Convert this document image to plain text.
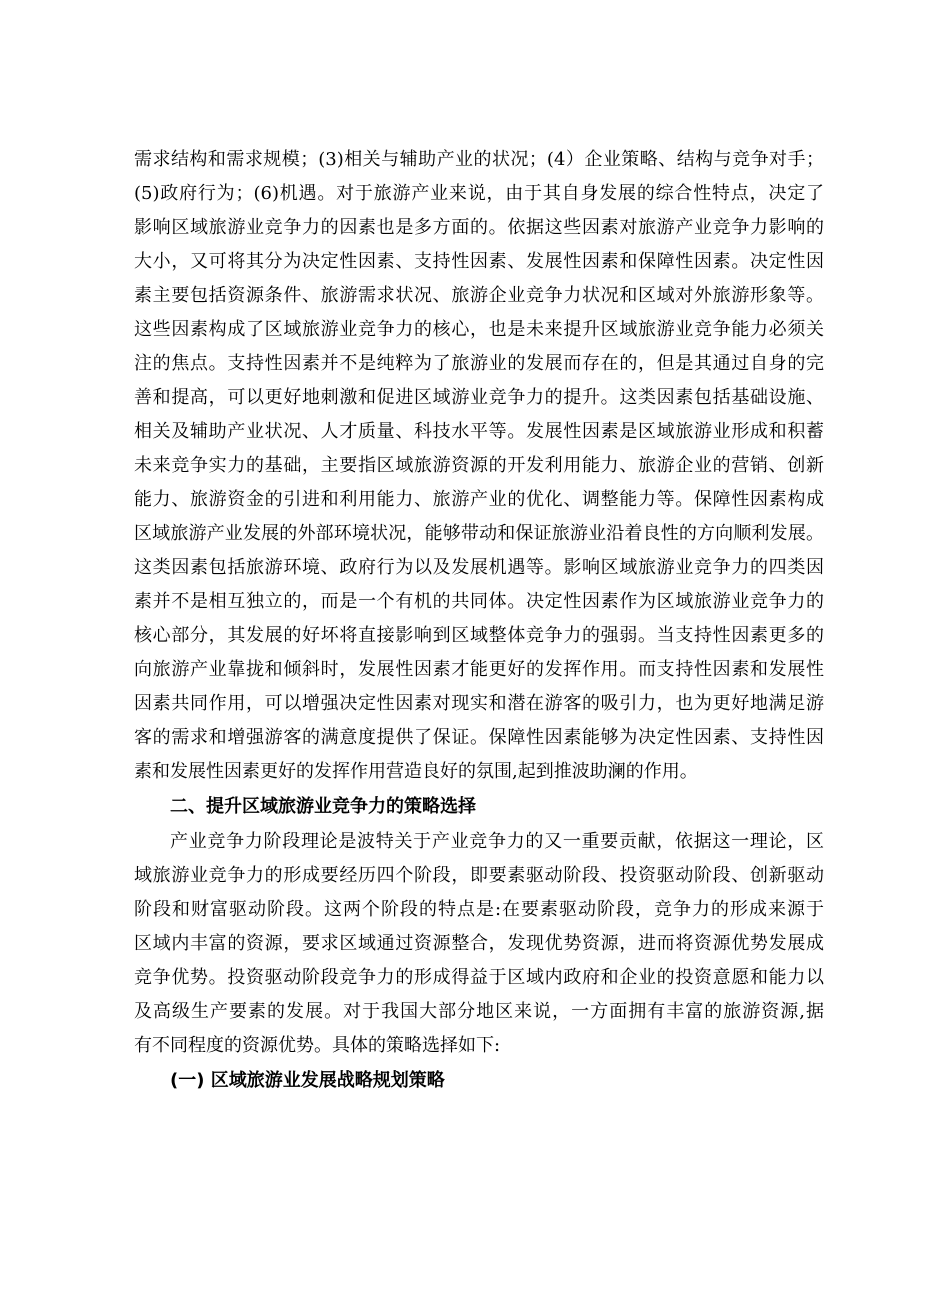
需求结构和需求规模；(3)相关与辅助产业的状况；(4）企业策略、结构与竞争对手；
(5)政府行为；(6)机遇。对于旅游产业来说，由于其自身发展的综合性特点，决定了
影响区域旅游业竞争力的因素也是多方面的。依据这些因素对旅游产业竞争力影响的
大小，又可将其分为决定性因素、支持性因素、发展性因素和保障性因素。决定性因
素主要包括资源条件、旅游需求状况、旅游企业竞争力状况和区域对外旅游形象等。
这些因素构成了区域旅游业竞争力的核心，也是未来提升区域旅游业竞争能力必须关
注的焦点。支持性因素并不是纯粹为了旅游业的发展而存在的，但是其通过自身的完
善和提高，可以更好地刺激和促进区域游业竞争力的提升。这类因素包括基础设施、
相关及辅助产业状况、人才质量、科技水平等。发展性因素是区域旅游业形成和积蓄
未来竞争实力的基础，主要指区域旅游资源的开发利用能力、旅游企业的营销、创新
能力、旅游资金的引进和利用能力、旅游产业的优化、调整能力等。保障性因素构成
区域旅游产业发展的外部环境状况，能够带动和保证旅游业沿着良性的方向顺利发展。
这类因素包括旅游环境、政府行为以及发展机遇等。影响区域旅游业竞争力的四类因
素并不是相互独立的，而是一个有机的共同体。决定性因素作为区域旅游业竞争力的
核心部分，其发展的好坏将直接影响到区域整体竞争力的强弱。当支持性因素更多的
向旅游产业靠拢和倾斜时，发展性因素才能更好的发挥作用。而支持性因素和发展性
因素共同作用，可以增强决定性因素对现实和潜在游客的吸引力，也为更好地满足游
客的需求和增强游客的满意度提供了保证。保障性因素能够为决定性因素、支持性因
素和发展性因素更好的发挥作用营造良好的氛围,起到推波助澜的作用。
二、提升区域旅游业竞争力的策略选择
产业竞争力阶段理论是波特关于产业竞争力的又一重要贡献，依据这一理论，区
域旅游业竞争力的形成要经历四个阶段，即要素驱动阶段、投资驱动阶段、创新驱动
阶段和财富驱动阶段。这两个阶段的特点是:在要素驱动阶段，竞争力的形成来源于
区域内丰富的资源，要求区域通过资源整合，发现优势资源，进而将资源优势发展成
竞争优势。投资驱动阶段竞争力的形成得益于区域内政府和企业的投资意愿和能力以
及高级生产要素的发展。对于我国大部分地区来说，一方面拥有丰富的旅游资源,据
有不同程度的资源优势。具体的策略选择如下:
(一) 区域旅游业发展战略规划策略
